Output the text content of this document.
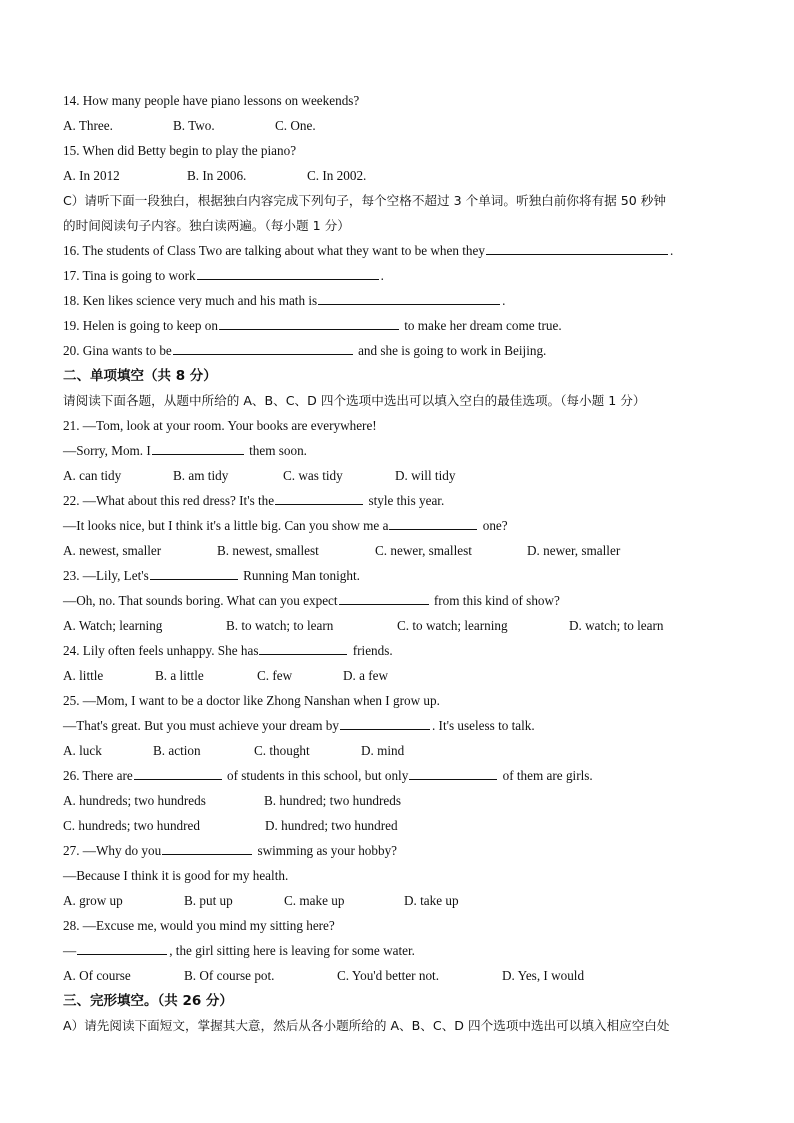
14. How many people have piano lessons on weekends?
A. Three.	B. Two.	C. One.
15. When did Betty begin to play the piano?
A. In 2012	B. In 2006.	C. In 2002.
C）请听下面一段独白，根据独白内容完成下列句子，每个空格不超过 3 个单词。听独白前你将有据 50 秒钟
的时间阅读句子内容。独白读两遍。（每小题 1 分）
16. The students of Class Two are talking about what they want to be when they	.
17. Tina is going to work	.
18. Ken likes science very much and his math is	.
19. Helen is going to keep on	to make her dream come true.
20. Gina wants to be	and she is going to work in Beijing.
二、单项填空（共 8 分）
请阅读下面各题，从题中所给的 A、B、C、D 四个选项中选出可以填入空白的最佳选项。（每小题 1 分）
21. —Tom, look at your room. Your books are everywhere!
—Sorry, Mom. I	them soon.
A. can tidy	B. am tidy	C. was tidy	D. will tidy
22. —What about this red dress? It's the	style this year.
—It looks nice, but I think it's a little big. Can you show me a	one?
A. newest, smaller	B. newest, smallest	C. newer, smallest	D. newer, smaller
23. —Lily, Let's	Running Man tonight.
—Oh, no. That sounds boring. What can you expect	from this kind of show?
A. Watch; learning	B. to watch; to learn	C. to watch; learning	D. watch; to learn
24. Lily often feels unhappy. She has	friends.
A. little	B. a little	C. few	D. a few
25. —Mom, I want to be a doctor like Zhong Nanshan when I grow up.
—That's great. But you must achieve your dream by	. It's useless to talk.
A. luck	B. action	C. thought	D. mind
26. There are	of students in this school, but only	of them are girls.
A. hundreds; two hundreds	B. hundred; two hundreds
C. hundreds; two hundred	D. hundred; two hundred
27. —Why do you	swimming as your hobby?
—Because I think it is good for my health.
A. grow up	B. put up	C. make up	D. take up
28. —Excuse me, would you mind my sitting here?
—	, the girl sitting here is leaving for some water.
A. Of course	B. Of course pot.	C. You'd better not.	D. Yes, I would
三、完形填空。（共 26 分）
A）请先阅读下面短文，掌握其大意，然后从各小题所给的 A、B、C、D 四个选项中选出可以填入相应空白处
